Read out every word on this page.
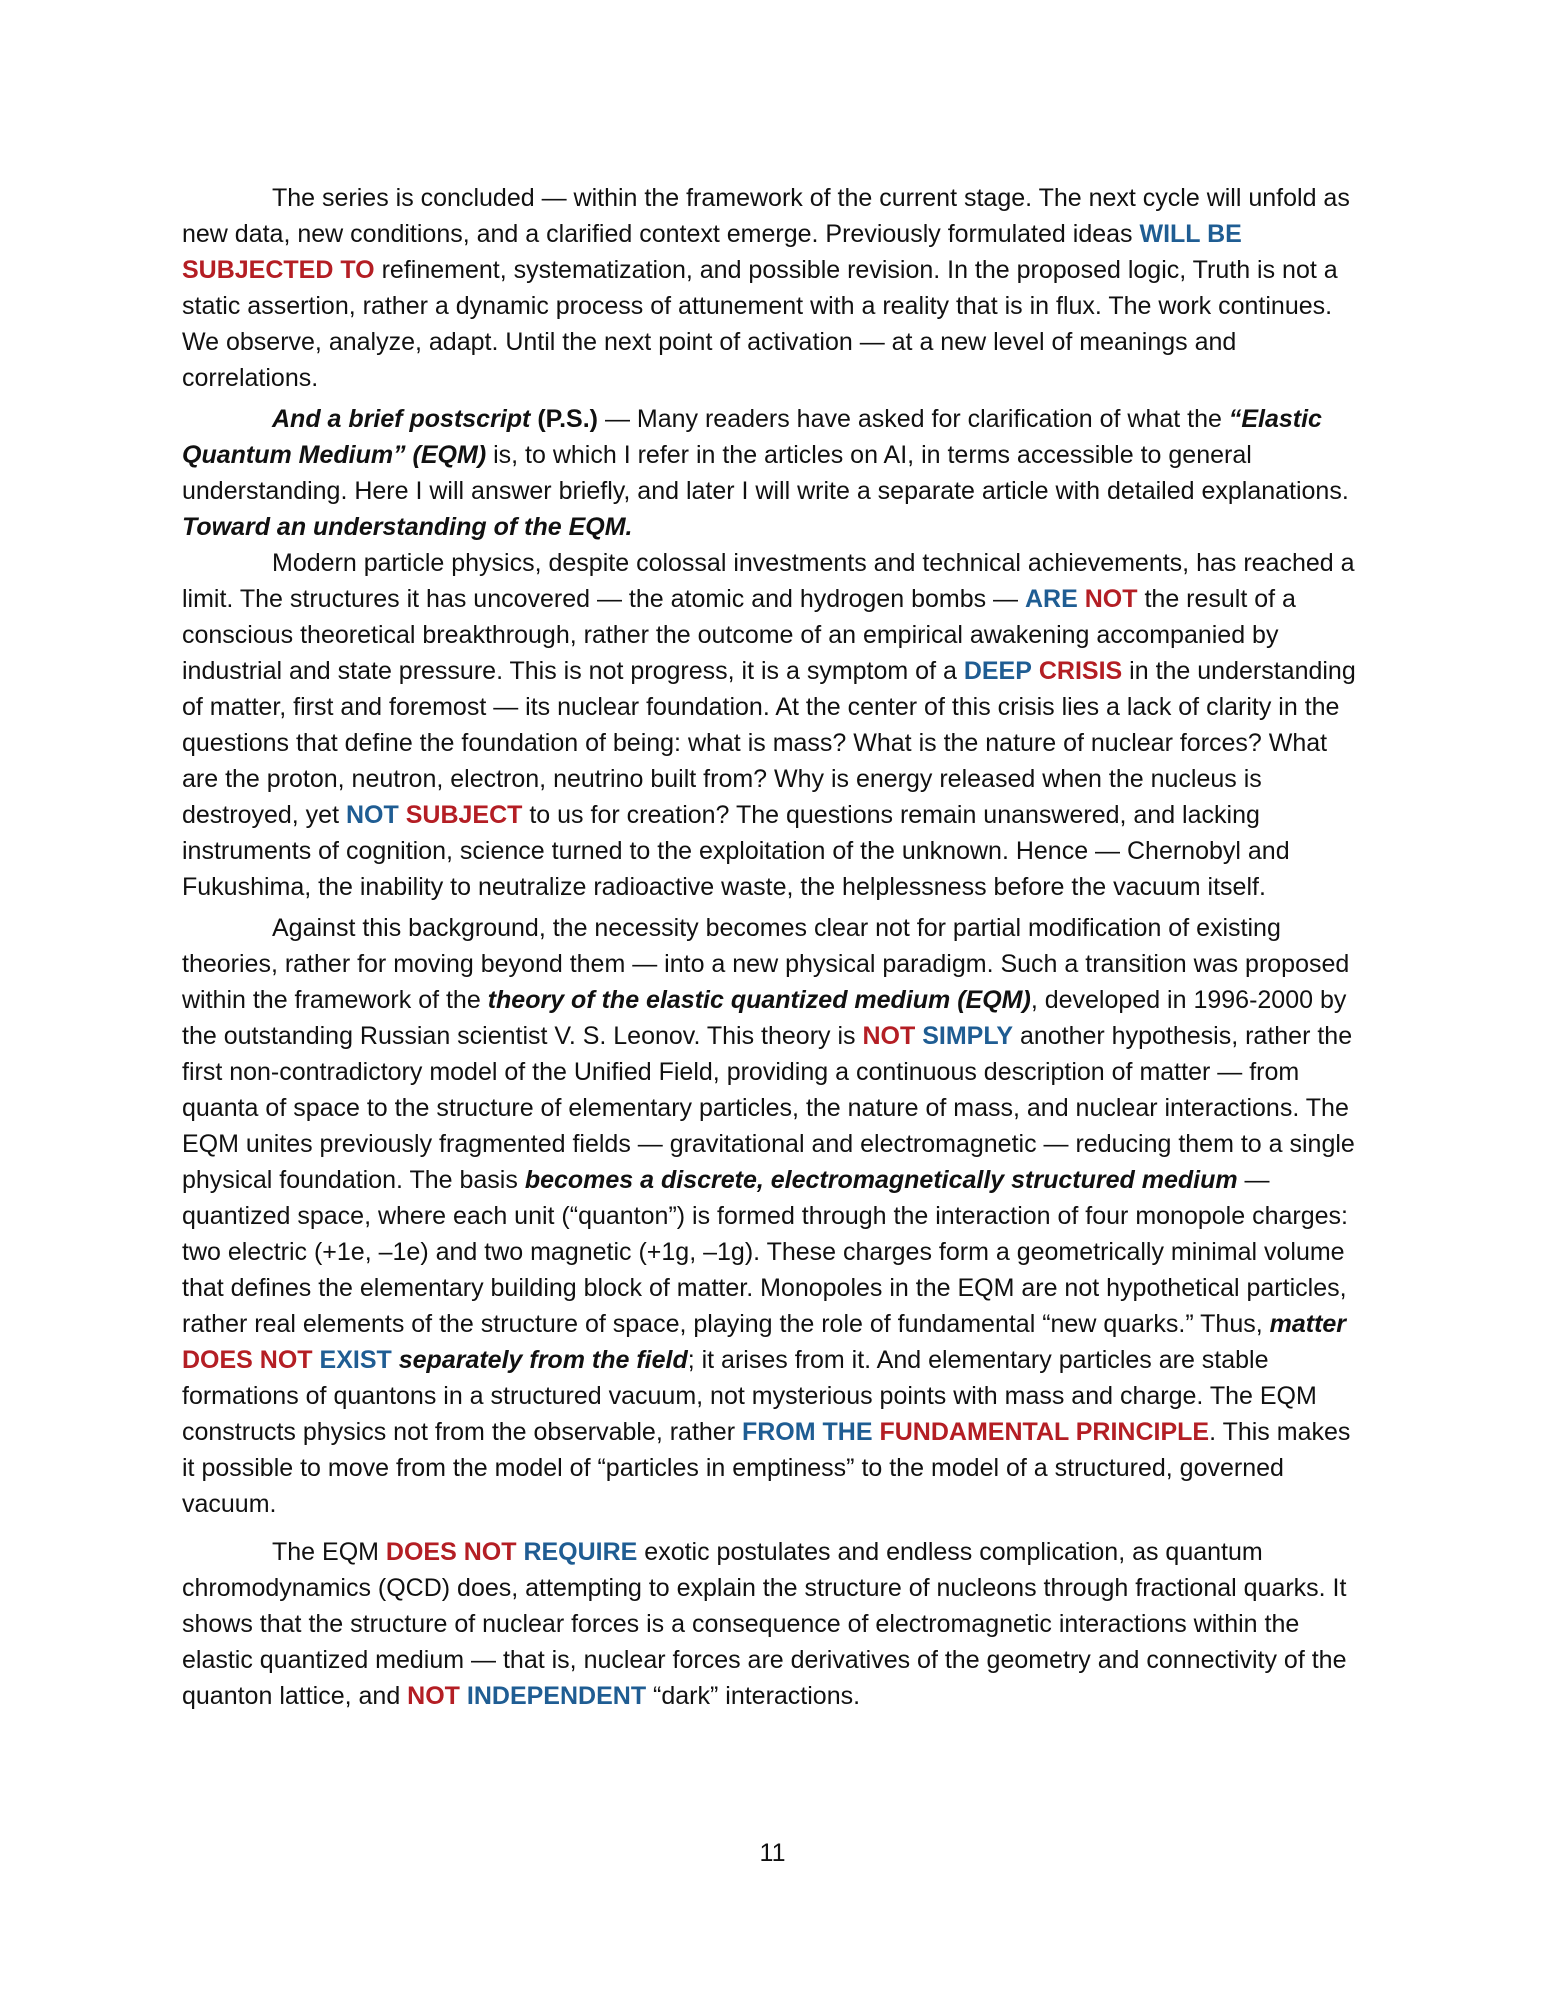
The series is concluded — within the framework of the current stage. The next cycle will unfold as new data, new conditions, and a clarified context emerge. Previously formulated ideas WILL BE SUBJECTED TO refinement, systematization, and possible revision. In the proposed logic, Truth is not a static assertion, rather a dynamic process of attunement with a reality that is in flux. The work continues. We observe, analyze, adapt. Until the next point of activation — at a new level of meanings and correlations.

And a brief postscript (P.S.) — Many readers have asked for clarification of what the “Elastic Quantum Medium” (EQM) is, to which I refer in the articles on AI, in terms accessible to general understanding. Here I will answer briefly, and later I will write a separate article with detailed explanations.

Toward an understanding of the EQM.

Modern particle physics, despite colossal investments and technical achievements, has reached a limit. The structures it has uncovered — the atomic and hydrogen bombs — ARE NOT the result of a conscious theoretical breakthrough, rather the outcome of an empirical awakening accompanied by industrial and state pressure. This is not progress, it is a symptom of a DEEP CRISIS in the understanding of matter, first and foremost — its nuclear foundation. At the center of this crisis lies a lack of clarity in the questions that define the foundation of being: what is mass? What is the nature of nuclear forces? What are the proton, neutron, electron, neutrino built from? Why is energy released when the nucleus is destroyed, yet NOT SUBJECT to us for creation? The questions remain unanswered, and lacking instruments of cognition, science turned to the exploitation of the unknown. Hence — Chernobyl and Fukushima, the inability to neutralize radioactive waste, the helplessness before the vacuum itself.

Against this background, the necessity becomes clear not for partial modification of existing theories, rather for moving beyond them — into a new physical paradigm. Such a transition was proposed within the framework of the theory of the elastic quantized medium (EQM), developed in 1996-2000 by the outstanding Russian scientist V. S. Leonov. This theory is NOT SIMPLY another hypothesis, rather the first non-contradictory model of the Unified Field, providing a continuous description of matter — from quanta of space to the structure of elementary particles, the nature of mass, and nuclear interactions. The EQM unites previously fragmented fields — gravitational and electromagnetic — reducing them to a single physical foundation. The basis becomes a discrete, electromagnetically structured medium — quantized space, where each unit (“quanton”) is formed through the interaction of four monopole charges: two electric (+1e, –1e) and two magnetic (+1g, –1g). These charges form a geometrically minimal volume that defines the elementary building block of matter. Monopoles in the EQM are not hypothetical particles, rather real elements of the structure of space, playing the role of fundamental “new quarks.” Thus, matter DOES NOT EXIST separately from the field; it arises from it. And elementary particles are stable formations of quantons in a structured vacuum, not mysterious points with mass and charge. The EQM constructs physics not from the observable, rather FROM THE FUNDAMENTAL PRINCIPLE. This makes it possible to move from the model of “particles in emptiness” to the model of a structured, governed vacuum.

The EQM DOES NOT REQUIRE exotic postulates and endless complication, as quantum chromodynamics (QCD) does, attempting to explain the structure of nucleons through fractional quarks. It shows that the structure of nuclear forces is a consequence of electromagnetic interactions within the elastic quantized medium — that is, nuclear forces are derivatives of the geometry and connectivity of the quanton lattice, and NOT INDEPENDENT “dark” interactions.

11
